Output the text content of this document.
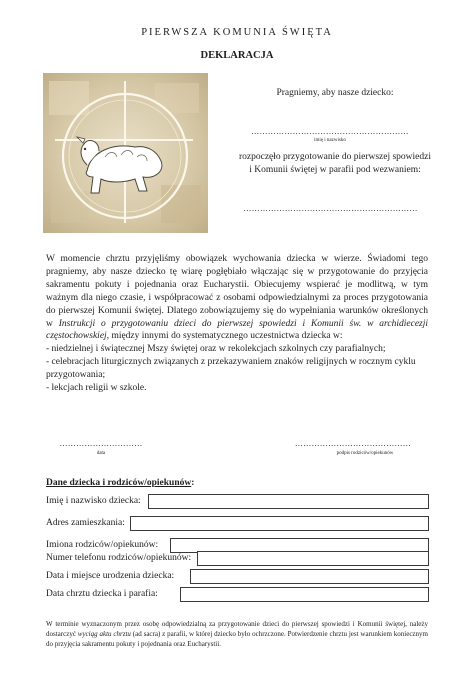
PIERWSZA KOMUNIA ŚWIĘTA
DEKLARACJA
Pragniemy, aby nasze dziecko:
…………………………………………………
imię i nazwisko
rozpoczęło przygotowanie do pierwszej spowiedzi
i Komunii świętej w parafii pod wezwaniem:
………………………………………………………

W momencie chrztu przyjęliśmy obowiązek wychowania dziecka w wierze. Świadomi tego pragniemy, aby nasze dziecko tę wiarę pogłębiało włączając się w przygotowanie do przyjęcia sakramentu pokuty i pojednania oraz Eucharystii. Obiecujemy wspierać je modlitwą, w tym ważnym dla niego czasie, i współpracować z osobami odpowiedzialnymi za proces przygotowania do pierwszej Komunii świętej. Dlatego zobowiązujemy się do wypełniania warunków określonych w Instrukcji o przygotowaniu dzieci do pierwszej spowiedzi i Komunii św. w archidiecezji częstochowskiej, między innymi do systematycznego uczestnictwa dziecka w:

- niedzielnej i świątecznej Mszy świętej oraz w rekolekcjach szkolnych czy parafialnych;

- celebracjach liturgicznych związanych z przekazywaniem znaków religijnych w rocznym cyklu przygotowania;

- lekcjach religii w szkole.

…………………………
data
……………………………………
podpis rodziców/opiekunów
Dane dziecka i rodziców/opiekunów:
Imię i nazwisko dziecka:
Adres zamieszkania:
Imiona rodziców/opiekunów:
Numer telefonu rodziców/opiekunów:
Data i miejsce urodzenia dziecka:
Data chrztu dziecka i parafia:
W terminie wyznaczonym przez osobę odpowiedzialną za przygotowanie dzieci do pierwszej spowiedzi i Komunii świętej, należy dostarczyć wyciąg aktu chrztu (ad sacra) z parafii, w której dziecko było ochrzczone. Potwierdzenie chrztu jest warunkiem koniecznym do przyjęcia sakramentu pokuty i pojednania oraz Eucharystii.
